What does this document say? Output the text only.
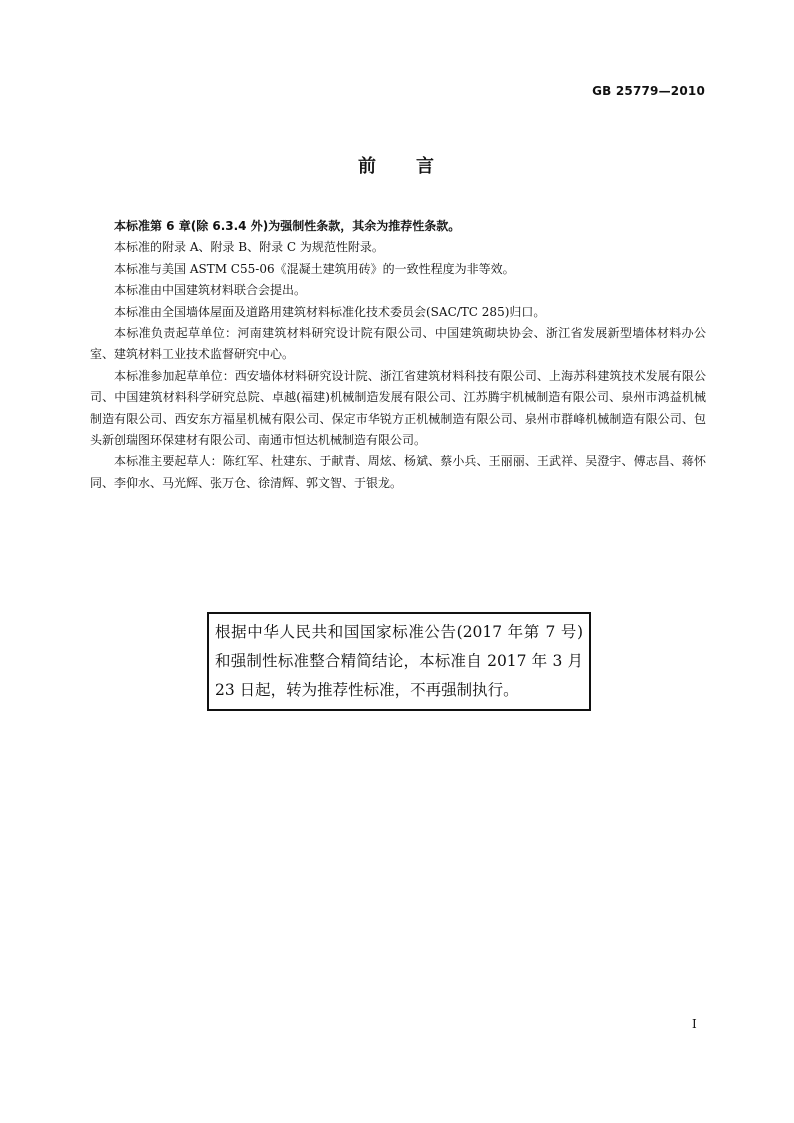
GB 25779—2010
前 言

本标准第 6 章(除 6.3.4 外)为强制性条款，其余为推荐性条款。

本标准的附录 A、附录 B、附录 C 为规范性附录。

本标准与美国 ASTM C55-06《混凝土建筑用砖》的一致性程度为非等效。

本标准由中国建筑材料联合会提出。

本标准由全国墙体屋面及道路用建筑材料标准化技术委员会(SAC/TC 285)归口。

本标准负责起草单位：河南建筑材料研究设计院有限公司、中国建筑砌块协会、浙江省发展新型墙体材料办公室、建筑材料工业技术监督研究中心。

本标准参加起草单位：西安墙体材料研究设计院、浙江省建筑材料科技有限公司、上海苏科建筑技术发展有限公司、中国建筑材料科学研究总院、卓越(福建)机械制造发展有限公司、江苏腾宇机械制造有限公司、泉州市鸿益机械制造有限公司、西安东方福星机械有限公司、保定市华锐方正机械制造有限公司、泉州市群峰机械制造有限公司、包头新创瑞图环保建材有限公司、南通市恒达机械制造有限公司。

本标准主要起草人：陈红军、杜建东、于献青、周炫、杨斌、蔡小兵、王丽丽、王武祥、吴澄宇、傅志昌、蒋怀同、李仰水、马光辉、张万仓、徐清辉、郭文智、于银龙。

根据中华人民共和国国家标准公告(2017 年第 7 号)和强制性标准整合精简结论，本标准自 2017 年 3 月 23 日起，转为推荐性标准，不再强制执行。
I
